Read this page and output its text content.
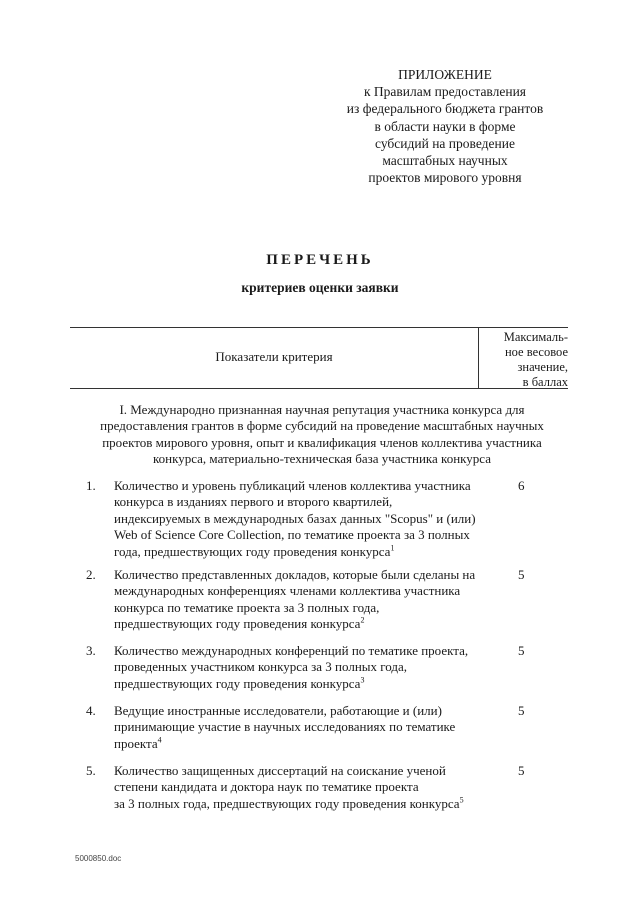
ПРИЛОЖЕНИЕ
к Правилам предоставления
из федерального бюджета грантов
в области науки в форме
субсидий на проведение
масштабных научных
проектов мирового уровня
ПЕРЕЧЕНЬ
критериев оценки заявки
Показатели критерия
Максималь-
ное весовое
значение,
в баллах
I. Международно признанная научная репутация участника конкурса для
предоставления грантов в форме субсидий на проведение масштабных научных
проектов мирового уровня, опыт и квалификация членов коллектива участника
конкурса, материально-техническая база участника конкурса
1. Количество и уровень публикаций членов коллектива участника
конкурса в изданиях первого и второго квартилей,
индексируемых в международных базах данных "Scopus" и (или)
Web of Science Core Collection, по тематике проекта за 3 полных
года, предшествующих году проведения конкурса$^1$
6
2. Количество представленных докладов, которые были сделаны на
международных конференциях членами коллектива участника
конкурса по тематике проекта за 3 полных года,
предшествующих году проведения конкурса$^2$
5
3. Количество международных конференций по тематике проекта,
проведенных участником конкурса за 3 полных года,
предшествующих году проведения конкурса$^3$
5
4. Ведущие иностранные исследователи, работающие и (или)
принимающие участие в научных исследованиях по тематике
проекта$^4$
5
5. Количество защищенных диссертаций на соискание ученой
степени кандидата и доктора наук по тематике проекта
за 3 полных года, предшествующих году проведения конкурса$^5$
5
5000850.doc
